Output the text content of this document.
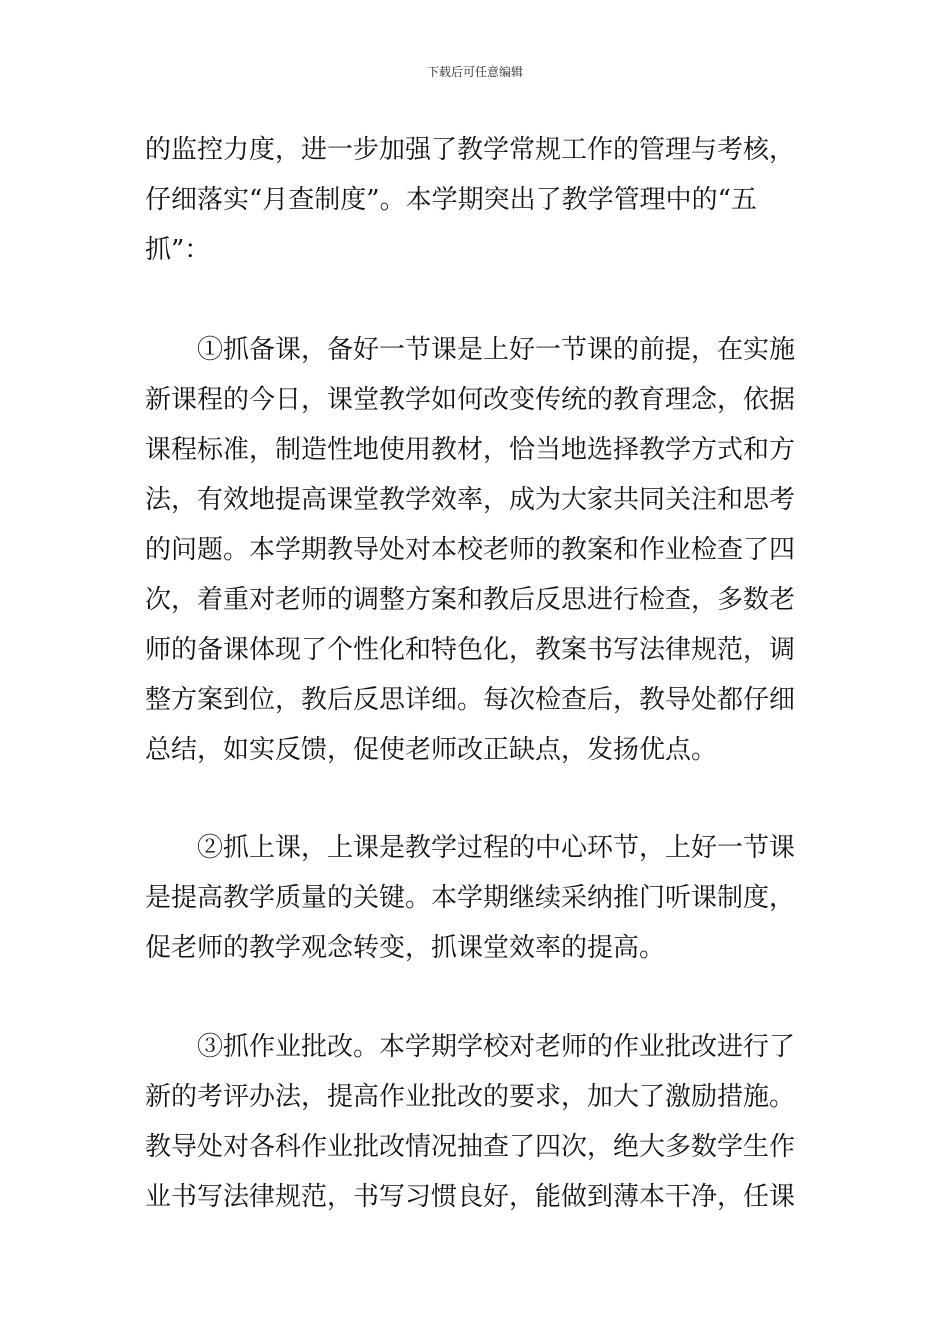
下载后可任意编辑
的监控力度，进一步加强了教学常规工作的管理与考核，
仔细落实“月查制度”。本学期突出了教学管理中的“五
抓”：
①抓备课，备好一节课是上好一节课的前提，在实施
新课程的今日，课堂教学如何改变传统的教育理念，依据
课程标准，制造性地使用教材，恰当地选择教学方式和方
法，有效地提高课堂教学效率，成为大家共同关注和思考
的问题。本学期教导处对本校老师的教案和作业检查了四
次，着重对老师的调整方案和教后反思进行检查，多数老
师的备课体现了个性化和特色化，教案书写法律规范，调
整方案到位，教后反思详细。每次检查后，教导处都仔细
总结，如实反馈，促使老师改正缺点，发扬优点。
②抓上课，上课是教学过程的中心环节，上好一节课
是提高教学质量的关键。本学期继续采纳推门听课制度，
促老师的教学观念转变，抓课堂效率的提高。
③抓作业批改。本学期学校对老师的作业批改进行了
新的考评办法，提高作业批改的要求，加大了激励措施。
教导处对各科作业批改情况抽查了四次，绝大多数学生作
业书写法律规范，书写习惯良好，能做到薄本干净，任课
